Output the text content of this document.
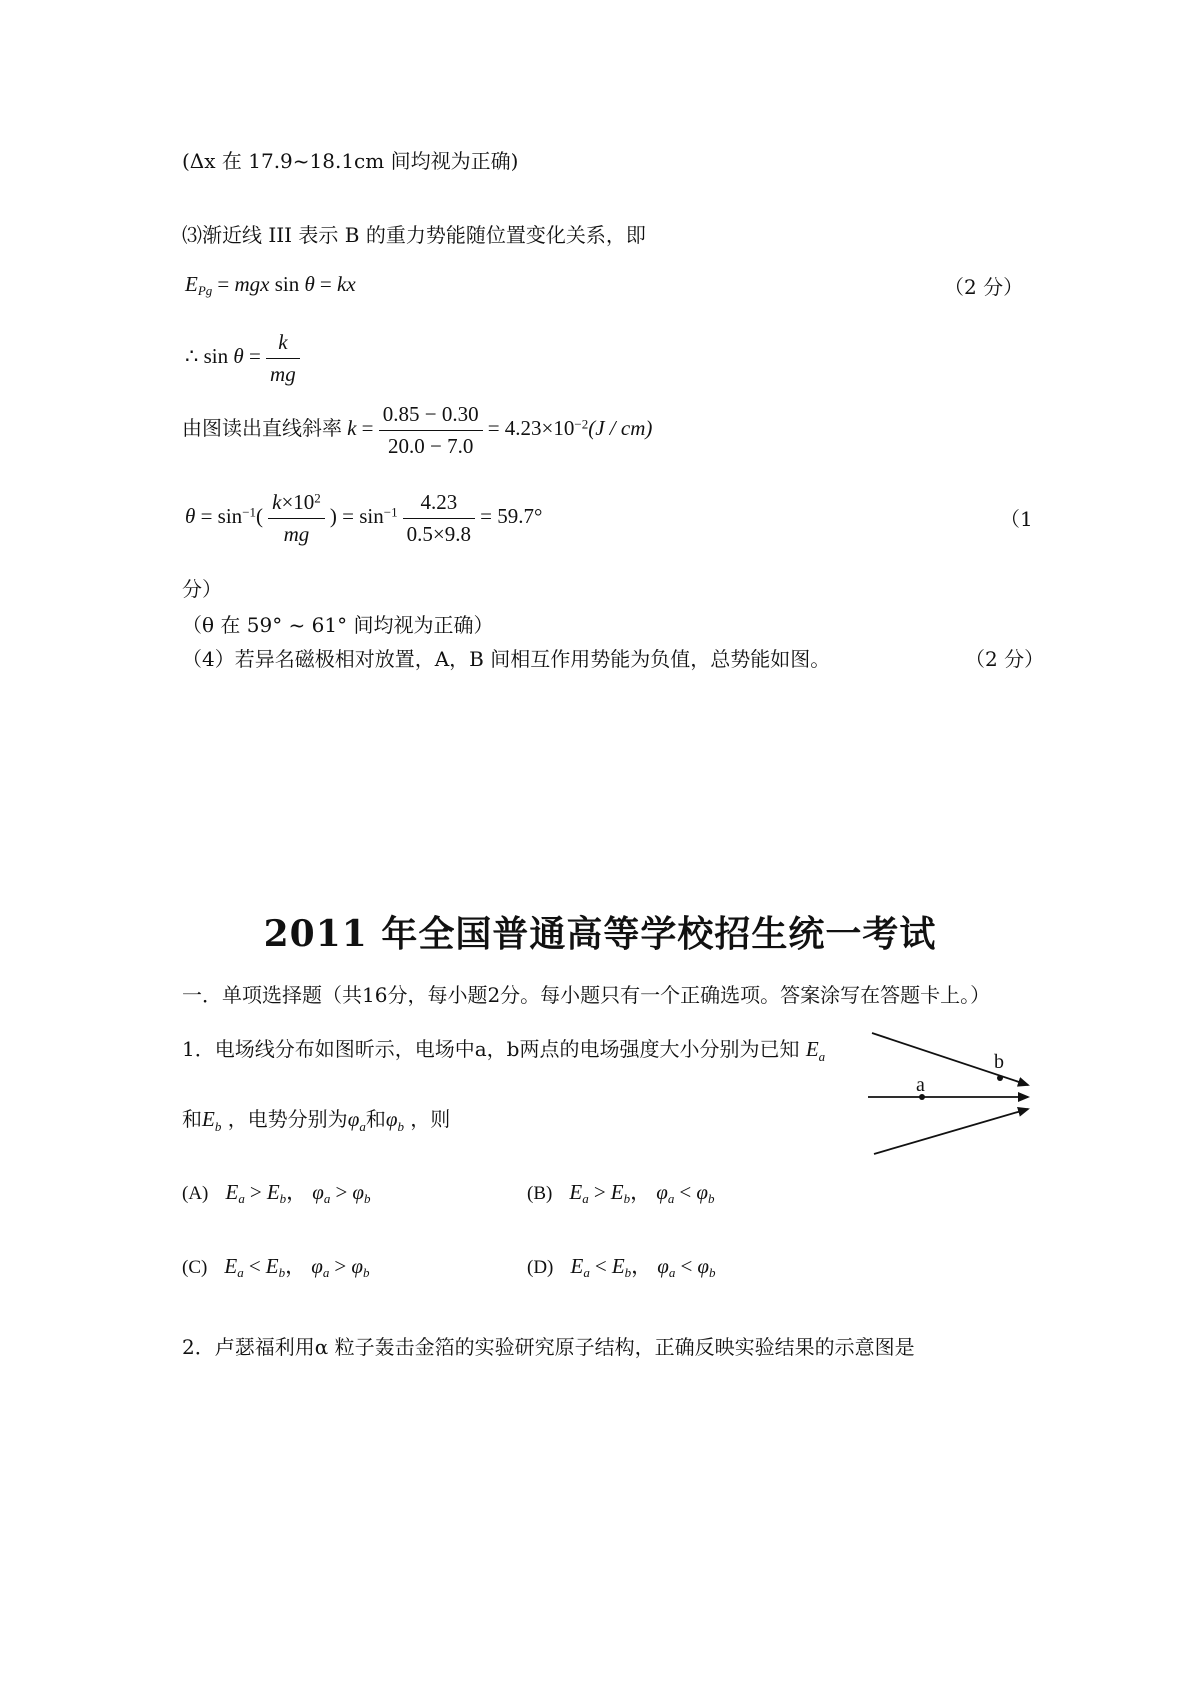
(Δx 在 17.9~18.1cm 间均视为正确)
⑶渐近线 III 表示 B 的重力势能随位置变化关系，即
$E_{Pg}$ = mgx sin θ = kx	（2 分）
∴ $\sin \theta = \frac{k}{mg}$
由图读出直线斜率 $k = \frac{0.85 - 0.30}{20.0 - 7.0} = 4.23\times 10^{-2}(J / cm)$
$\theta = \sin^{-1}( \frac{k\times 10^2}{mg}$ ) = $\sin^{-1} \frac{4.23}{0.5\times 9.8} = 59.7^\circ$	（1
分）
（θ 在 59° ~ 61° 间均视为正确）
（4）若异名磁极相对放置，A，B 间相互作用势能为负值，总势能如图。	（2 分）
2011 年全国普通高等学校招生统一考试
一．单项选择题（共16分，每小题2分。每小题只有一个正确选项。答案涂写在答题卡上。）
1．电场线分布如图昕示，电场中a，b两点的电场强度大小分别为已知 $E_a$
和$E_b$ ，电势分别为$\varphi_a$和$\varphi_b$ ，则
a
b
(A) $E_a > E_b$， $\varphi_a > \varphi_b$	(B) $E_a > E_b$， $\varphi_a < \varphi_b$
(C) $E_a < E_b$， $\varphi_a > \varphi_b$	(D) $E_a < E_b$， $\varphi_a < \varphi_b$
2．卢瑟福利用α 粒子轰击金箔的实验研究原子结构，正确反映实验结果的示意图是
